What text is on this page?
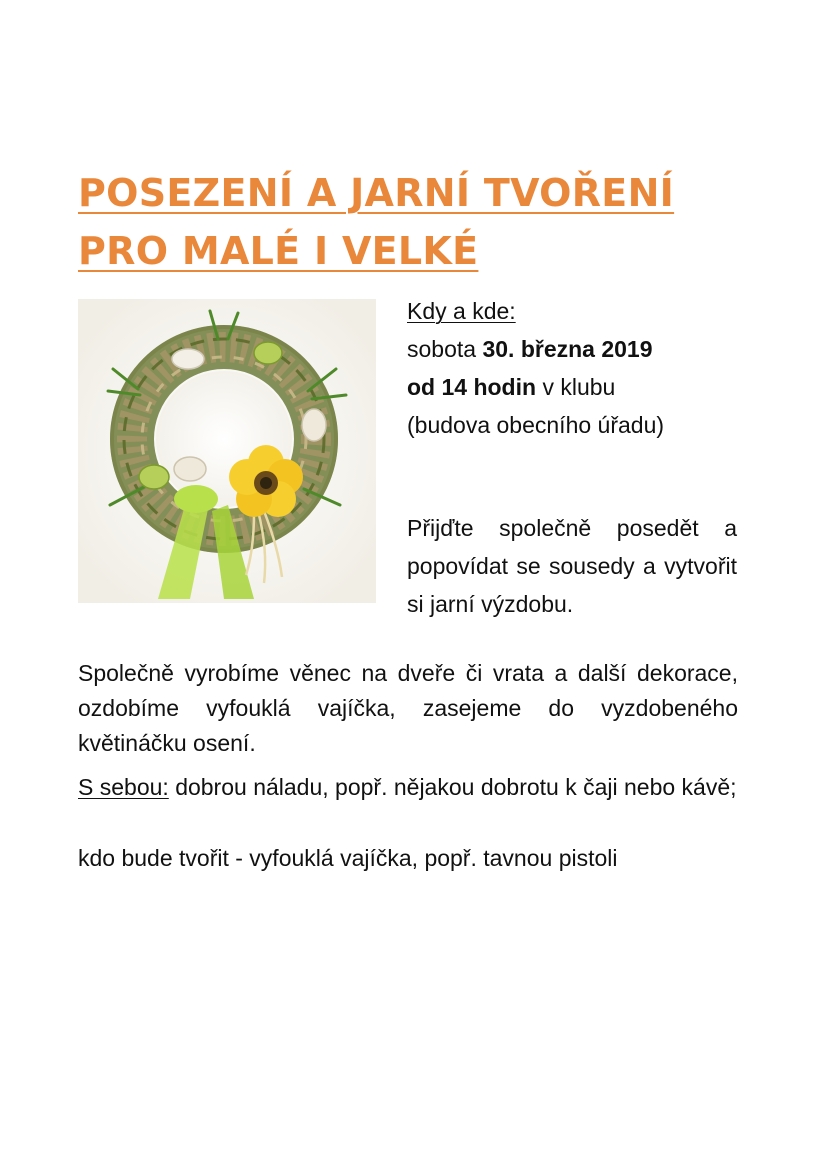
POSEZENÍ A JARNÍ TVOŘENÍ
PRO MALÉ I VELKÉ
Kdy a kde:
sobota 30. března 2019
od 14 hodin v klubu
(budova obecního úřadu)
Přijďte společně posedět a popovídat se sousedy a vytvořit si jarní výzdobu.

Společně vyrobíme věnec na dveře či vrata a další dekorace, ozdobíme vyfouklá vajíčka, zasejeme do vyzdobeného květináčku osení.

S sebou: dobrou náladu, popř. nějakou dobrotu k čaji nebo kávě;

kdo bude tvořit - vyfouklá vajíčka, popř. tavnou pistoli
